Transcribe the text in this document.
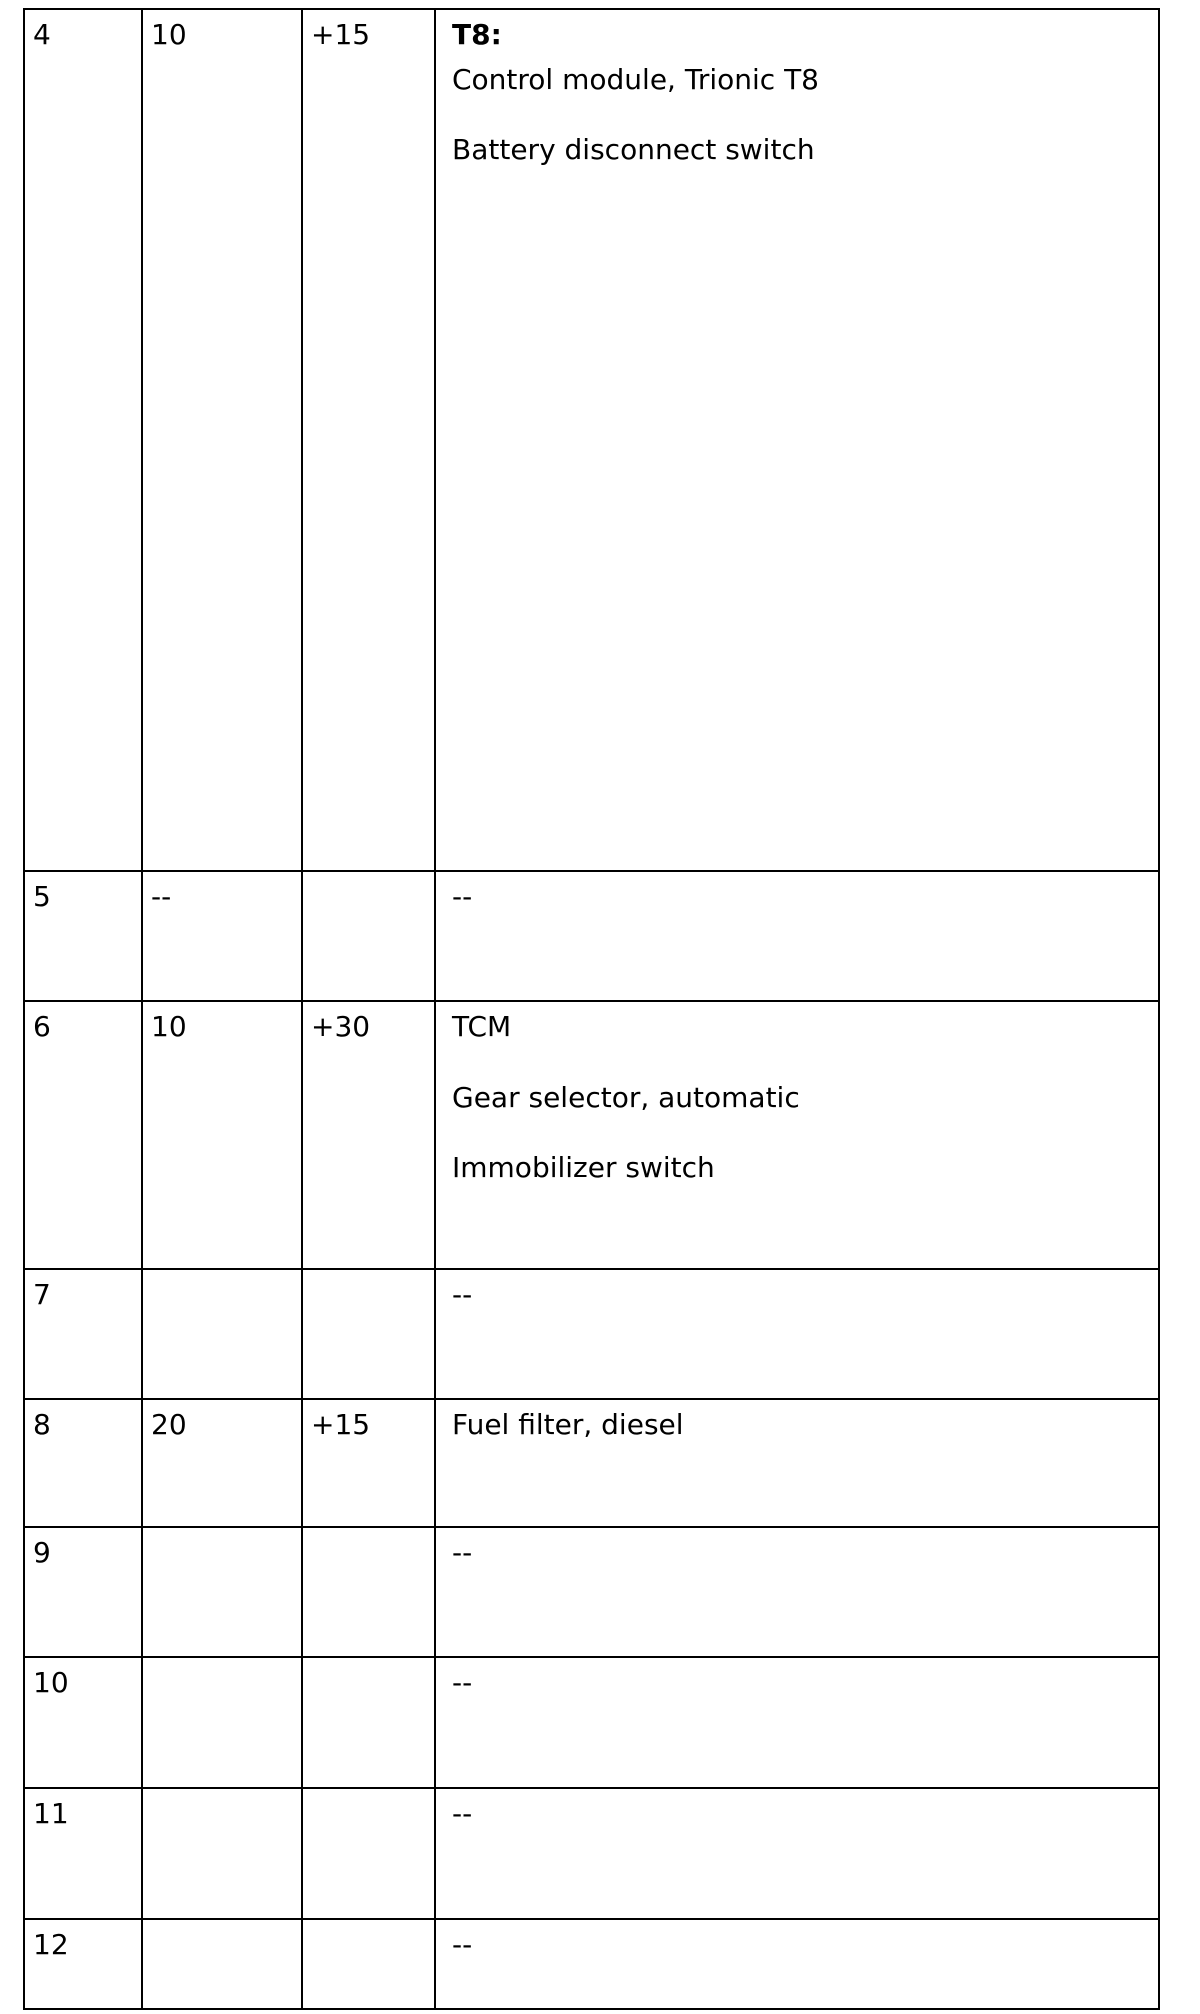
4	10	+15	T8:
Control module, Trionic T8
Battery disconnect switch

5	--		--

6	10	+30	TCM
Gear selector, automatic
Immobilizer switch

7			--

8	20	+15	Fuel filter, diesel

9			--

10			--

11			--

12			--
